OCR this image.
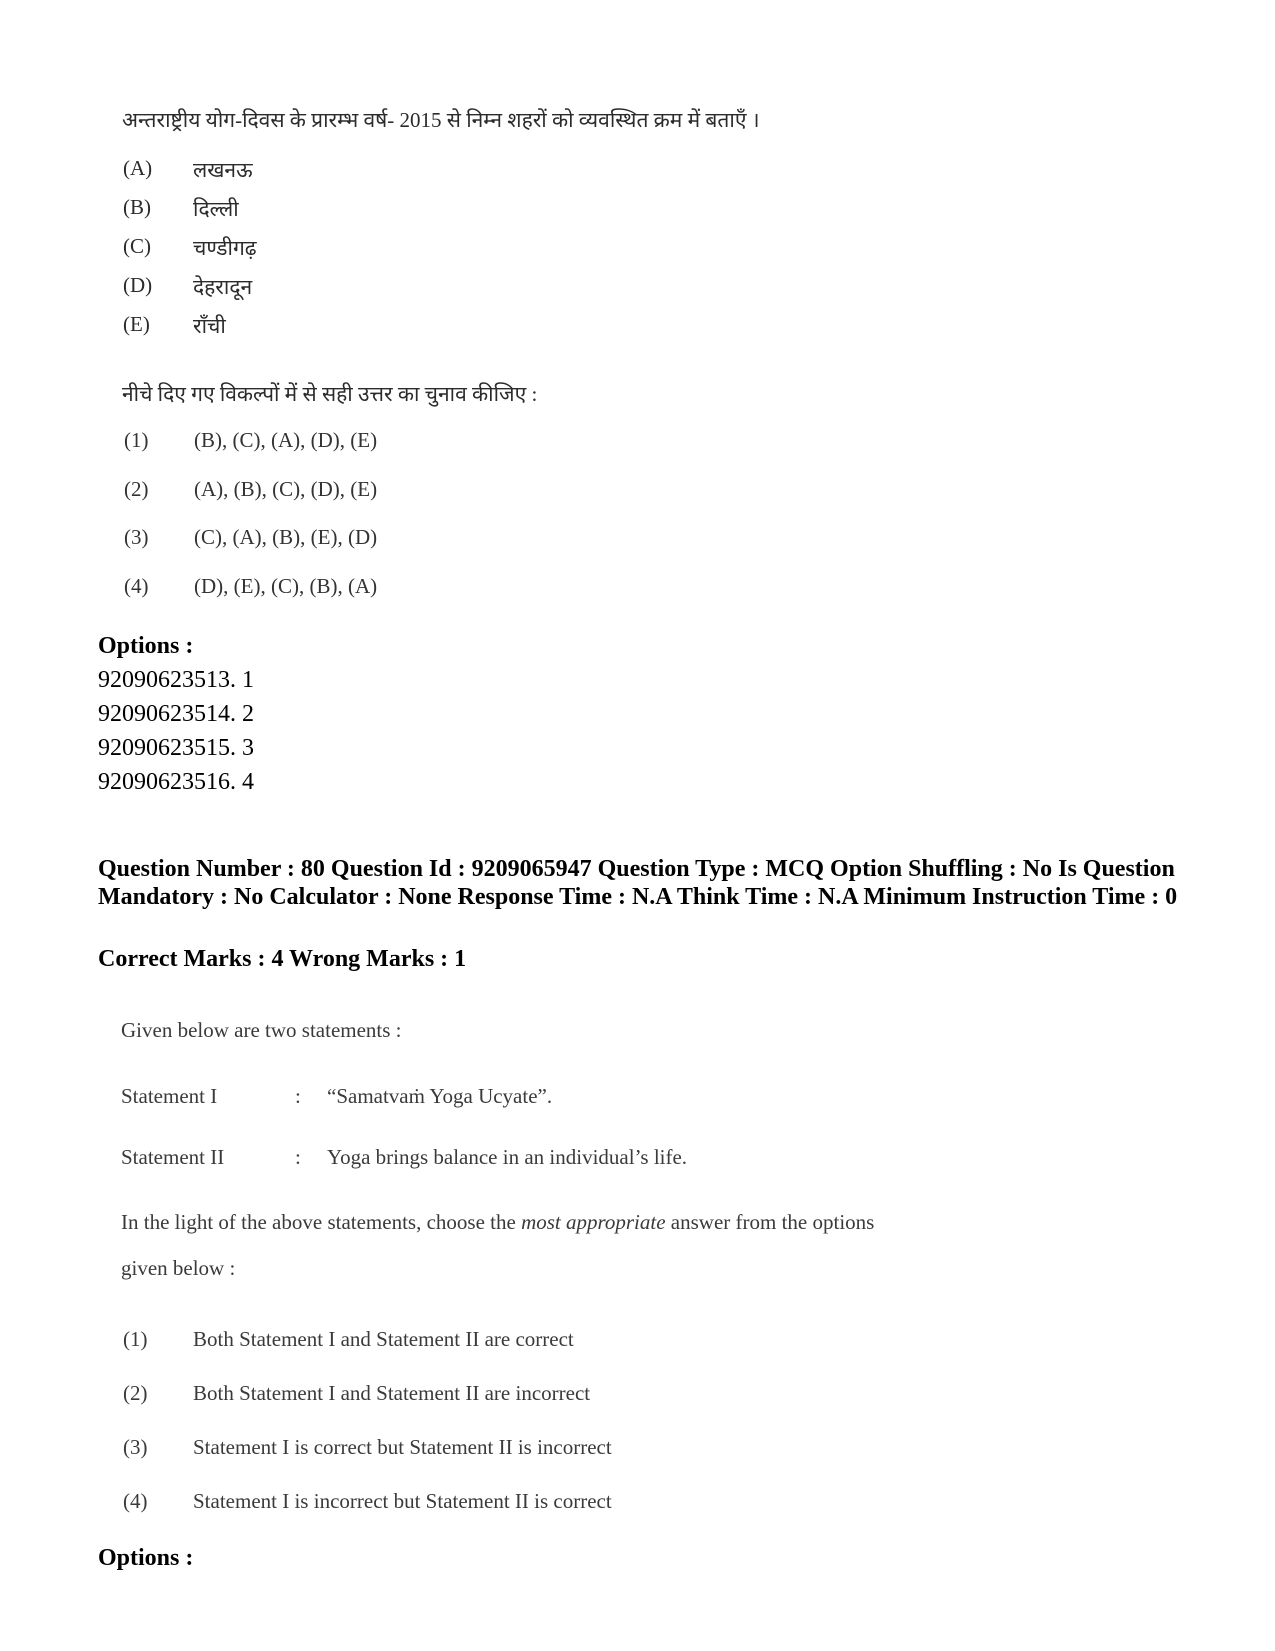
अन्तराष्ट्रीय योग-दिवस के प्रारम्भ वर्ष- 2015 से निम्न शहरों को व्यवस्थित क्रम में बताएँ ।
(A) लखनऊ
(B) दिल्ली
(C) चण्डीगढ़
(D) देहरादून
(E) राँची
नीचे दिए गए विकल्पों में से सही उत्तर का चुनाव कीजिए :
(1) (B), (C), (A), (D), (E)
(2) (A), (B), (C), (D), (E)
(3) (C), (A), (B), (E), (D)
(4) (D), (E), (C), (B), (A)
Options :
92090623513. 1
92090623514. 2
92090623515. 3
92090623516. 4
Question Number : 80 Question Id : 9209065947 Question Type : MCQ Option Shuffling : No Is Question Mandatory : No Calculator : None Response Time : N.A Think Time : N.A Minimum Instruction Time : 0
Correct Marks : 4 Wrong Marks : 1
Given below are two statements :
Statement I	: “Samatvaṁ Yoga Ucyate”.
Statement II	: Yoga brings balance in an individual’s life.
In the light of the above statements, choose the most appropriate answer from the options
given below :
(1) Both Statement I and Statement II are correct
(2) Both Statement I and Statement II are incorrect
(3) Statement I is correct but Statement II is incorrect
(4) Statement I is incorrect but Statement II is correct
Options :
